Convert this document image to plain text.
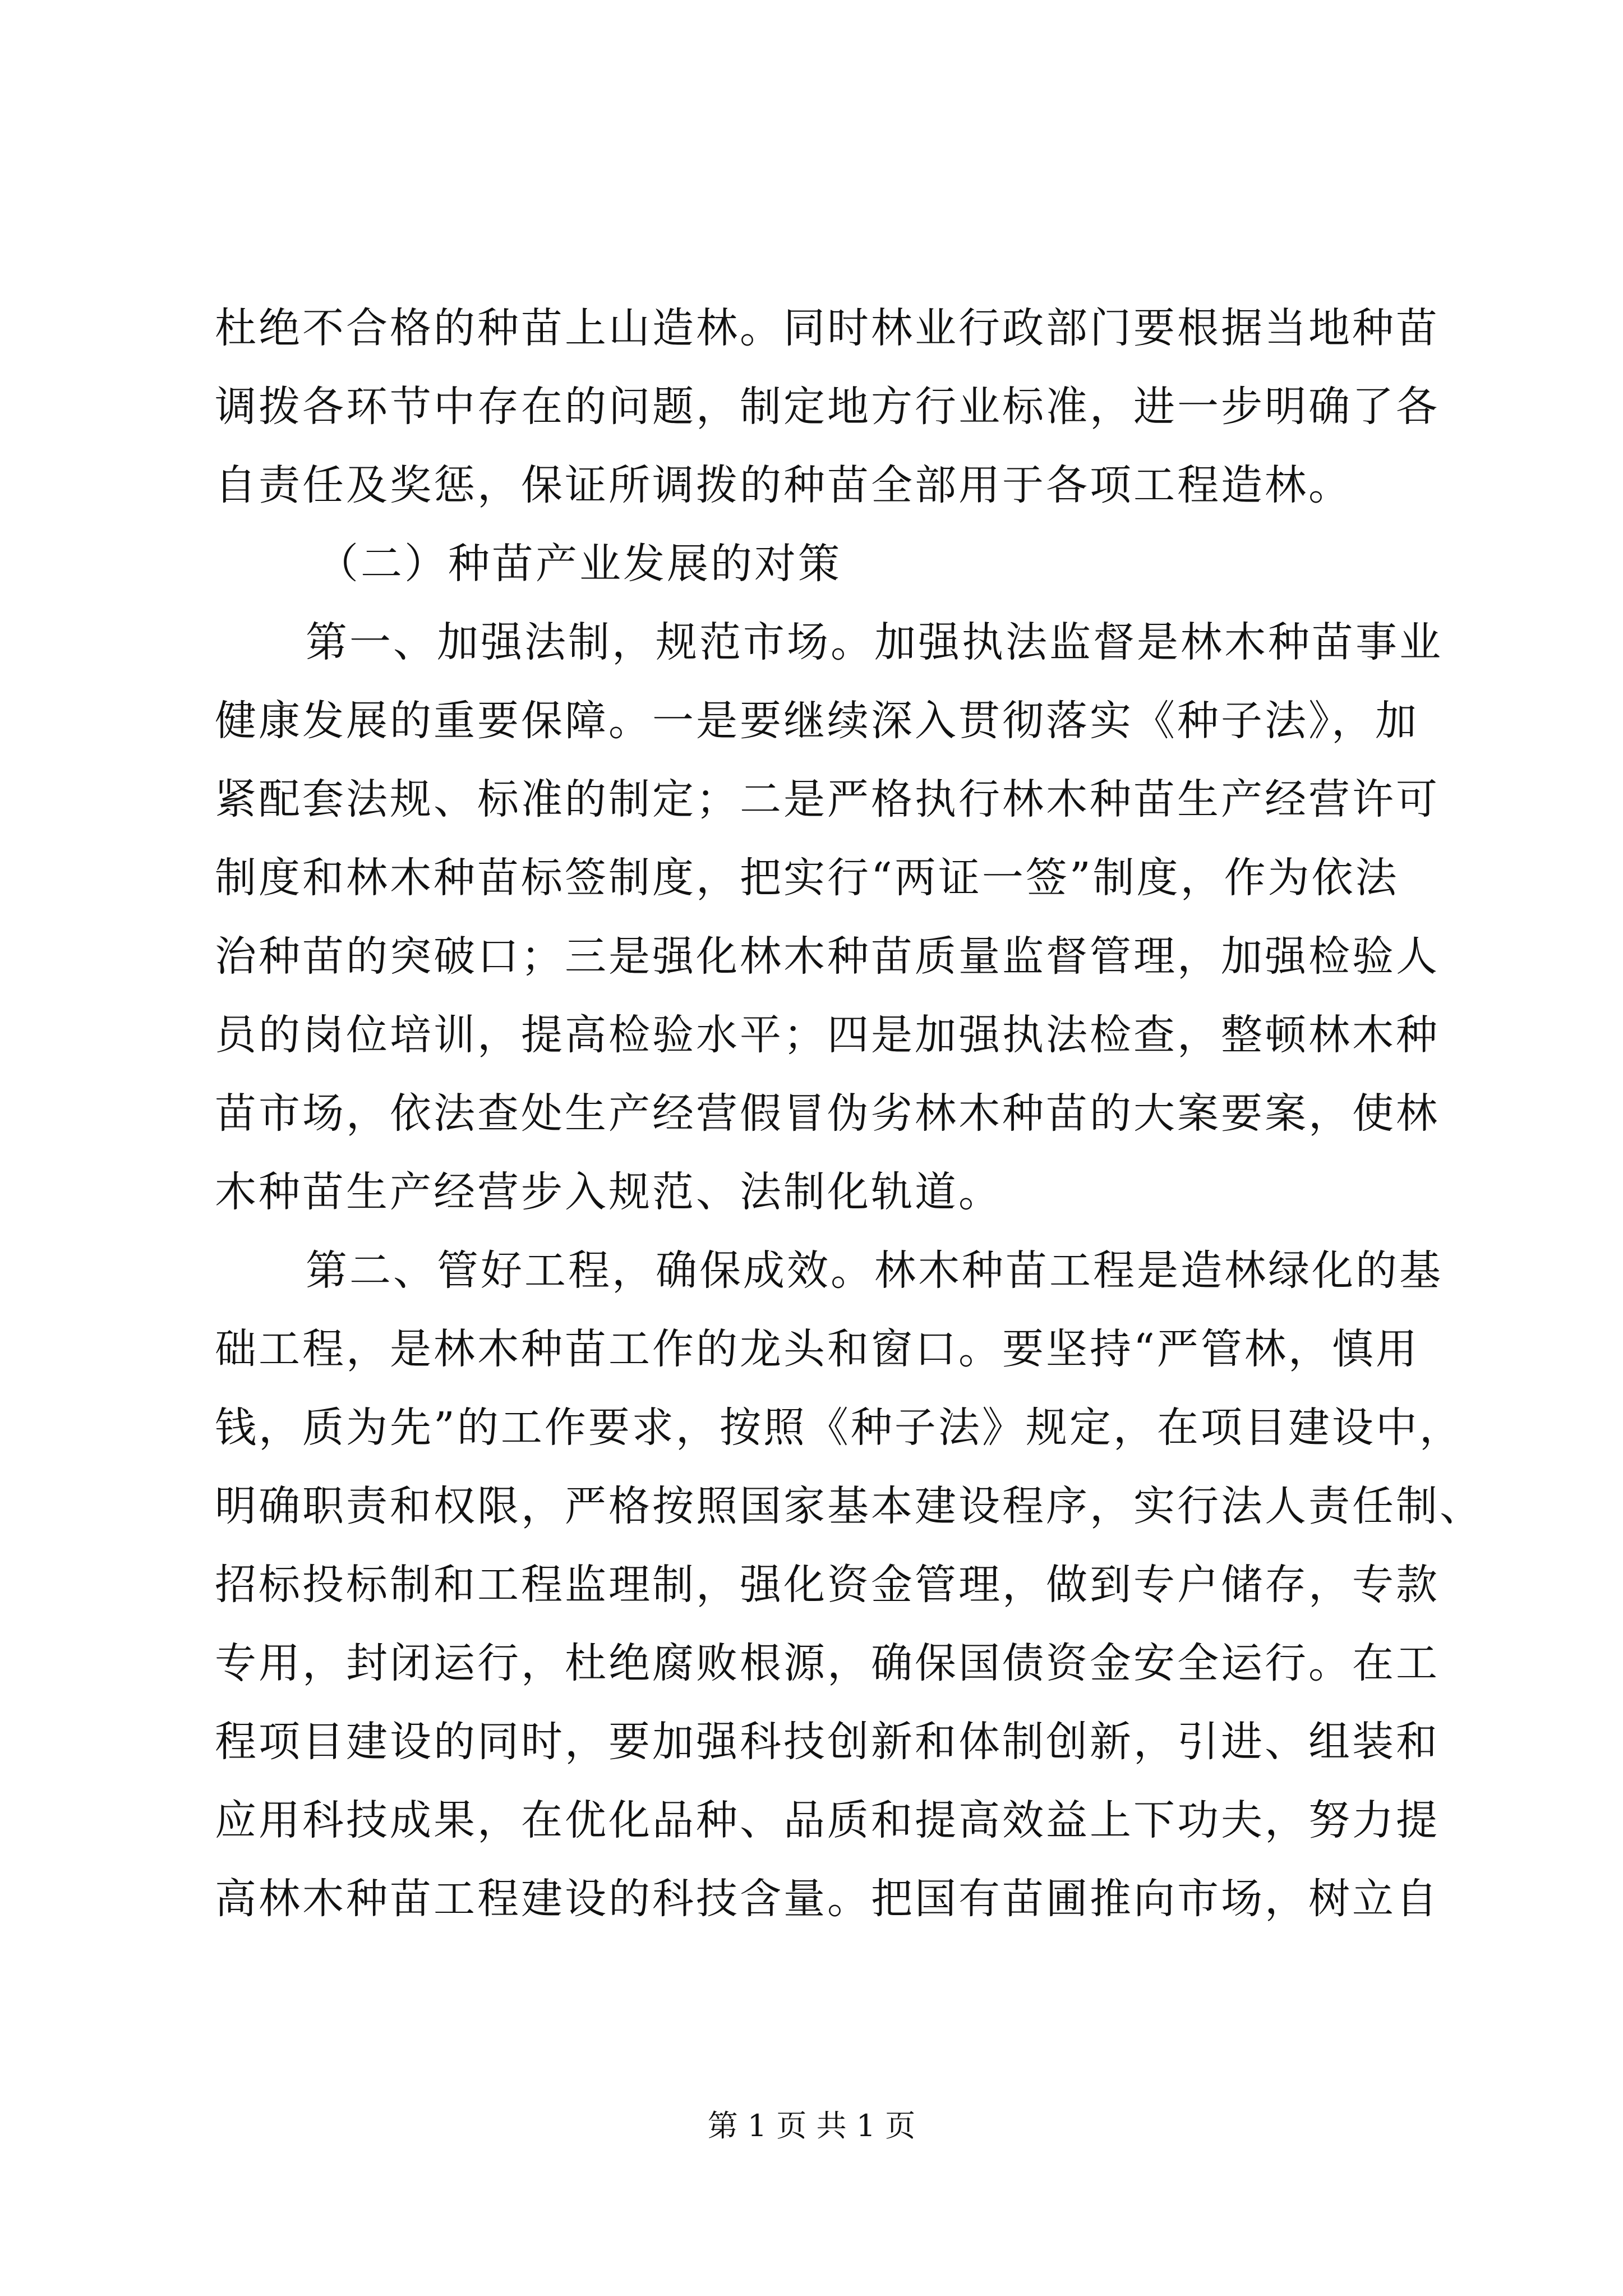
杜绝不合格的种苗上山造林。同时林业行政部门要根据当地种苗
调拨各环节中存在的问题，制定地方行业标准，进一步明确了各
自责任及奖惩，保证所调拨的种苗全部用于各项工程造林。
（二）种苗产业发展的对策
第一、加强法制，规范市场。加强执法监督是林木种苗事业
健康发展的重要保障。一是要继续深入贯彻落实《种子法》，加
紧配套法规、标准的制定；二是严格执行林木种苗生产经营许可
制度和林木种苗标签制度，把实行“两证一签”制度，作为依法
治种苗的突破口；三是强化林木种苗质量监督管理，加强检验人
员的岗位培训，提高检验水平；四是加强执法检查，整顿林木种
苗市场，依法查处生产经营假冒伪劣林木种苗的大案要案，使林
木种苗生产经营步入规范、法制化轨道。
第二、管好工程，确保成效。林木种苗工程是造林绿化的基
础工程，是林木种苗工作的龙头和窗口。要坚持“严管林，慎用
钱，质为先”的工作要求，按照《种子法》规定，在项目建设中，
明确职责和权限，严格按照国家基本建设程序，实行法人责任制、
招标投标制和工程监理制，强化资金管理，做到专户储存，专款
专用，封闭运行，杜绝腐败根源，确保国债资金安全运行。在工
程项目建设的同时，要加强科技创新和体制创新，引进、组装和
应用科技成果，在优化品种、品质和提高效益上下功夫，努力提
高林木种苗工程建设的科技含量。把国有苗圃推向市场，树立自
第 1 页 共 1 页
